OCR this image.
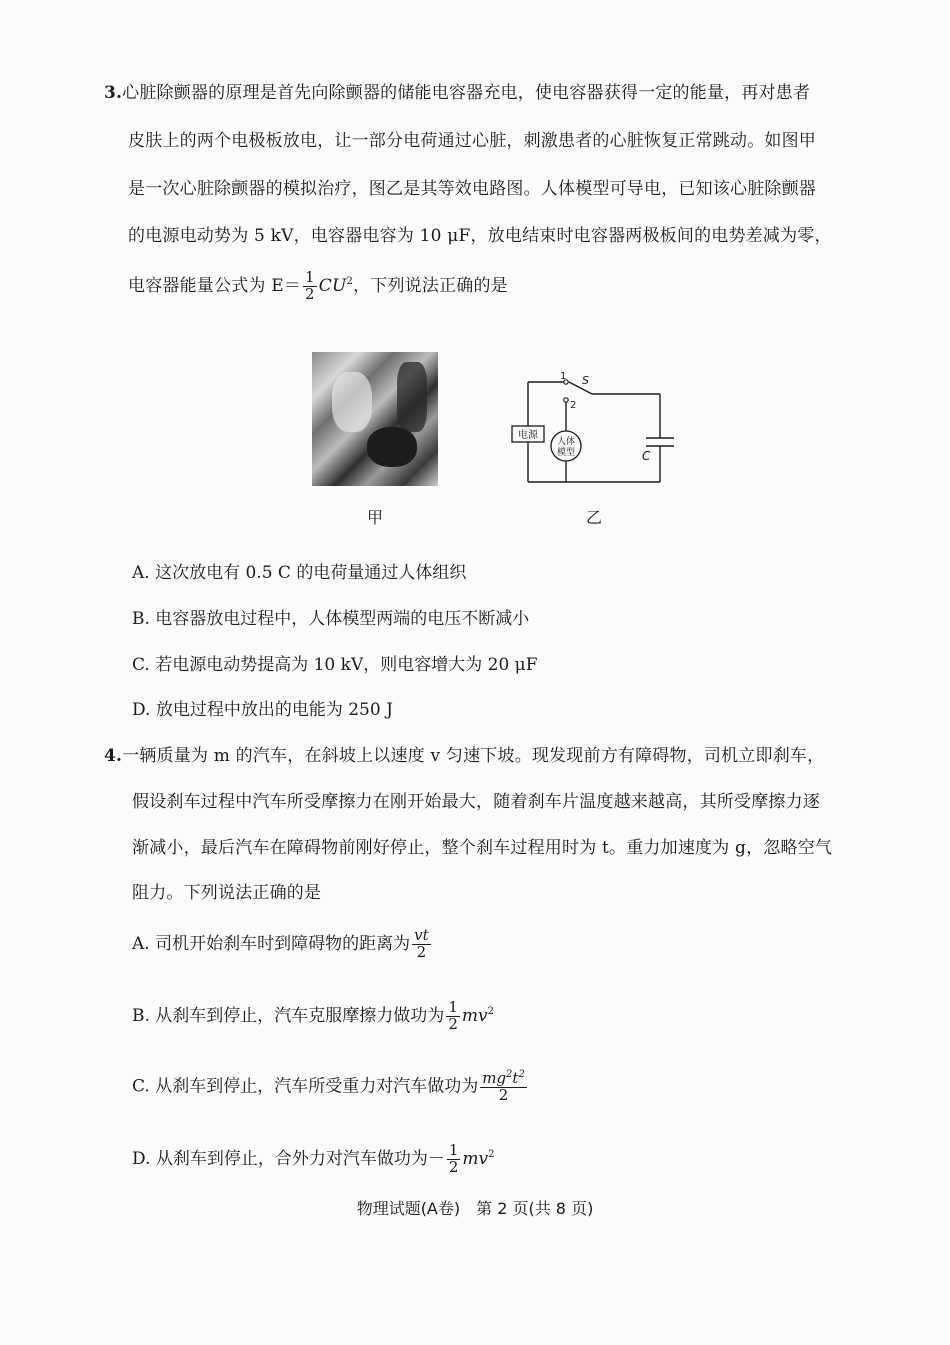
3.心脏除颤器的原理是首先向除颤器的储能电容器充电，使电容器获得一定的能量，再对患者
皮肤上的两个电极板放电，让一部分电荷通过心脏，刺激患者的心脏恢复正常跳动。如图甲
是一次心脏除颤器的模拟治疗，图乙是其等效电路图。人体模型可导电，已知该心脏除颤器
的电源电动势为 5 kV，电容器电容为 10 μF，放电结束时电容器两极板间的电势差减为零，
电容器能量公式为 $E= \frac{1}{2} CU^2$，下列说法正确的是
甲
电源
人体
模型
1
2
S
C
乙
A. 这次放电有 0.5 C 的电荷量通过人体组织
B. 电容器放电过程中，人体模型两端的电压不断减小
C. 若电源电动势提高为 10 kV，则电容增大为 20 μF
D. 放电过程中放出的电能为 250 J
4.一辆质量为 m 的汽车，在斜坡上以速度 v 匀速下坡。现发现前方有障碍物，司机立即刹车，
假设刹车过程中汽车所受摩擦力在刚开始最大，随着刹车片温度越来越高，其所受摩擦力逐
渐减小，最后汽车在障碍物前刚好停止，整个刹车过程用时为 t。重力加速度为 g，忽略空气
阻力。下列说法正确的是
A. 司机开始刹车时到障碍物的距离为 $\frac{vt}{2}$
B. 从刹车到停止，汽车克服摩擦力做功为 $\frac{1}{2} mv^2$
C. 从刹车到停止，汽车所受重力对汽车做功为 $\frac{mg^2t^2}{2}$
D. 从刹车到停止，合外力对汽车做功为－ $\frac{1}{2} mv^2$
物理试题(A卷)　第 2 页(共 8 页)
